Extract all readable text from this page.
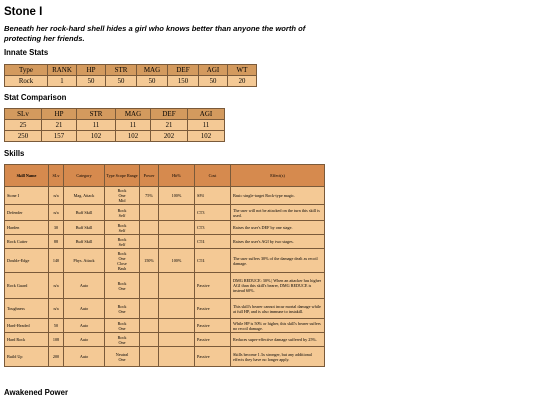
Stone I

Beneath her rock-hard shell hides a girl who knows better than anyone the worth of protecting her friends.

Innate Stats
Type	RANK	HP	STR	MAG	DEF	AGI	WT
Rock	1	50	50	50	150	50	20
Stat Comparison
SLv	HP	STR	MAG	DEF	AGI
25	21	11	11	21	11
250	157	102	102	202	102
Skills
Skill Name	SLv	Category	Type Scope Range	Power	Hit%	Cost	Effect(s)
Stone I	n/a	Mag. Attack	Rock
One
Mid	75%	100%	SP4	Basic single-target Rock-type magic.
Defender	n/a	Buff Skill	Rock
Self			CT3	The user will not be attacked on the turn this skill is used.
Harden	30	Buff Skill	Rock
Self			CT3	Raises the user's DEF by one stage.
Rock Cutter	88	Buff Skill	Rock
Self			CT4	Raises the user's AGI by two stages.
Double-Edge	140	Phys. Attack	Rock
One
Close
Bash	150%	100%	CT4	The user suffers 30% of the damage dealt as recoil damage.
Rock Guard	n/a	Auto	Rock
One			Passive	DMG REDUCE: 30% | When an attacker has higher AGI than this skill's bearer, DMG REDUCE is instead 60%.
Toughness	n/a	Auto	Rock
One			Passive	This skill's bearer cannot incur mortal damage while at full HP, and is also immune to instakill.
Hard-Headed	50	Auto	Rock
One			Passive	While HP is 50% or higher, this skill's bearer suffers no recoil damage.
Hard Rock	108	Auto	Rock
One			Passive	Reduces super-effective damage suffered by 25%.
Build Up	200	Auto	Neutral
One			Passive	Skills become 1.3x stronger, but any additional effects they have no longer apply.
Awakened Power
